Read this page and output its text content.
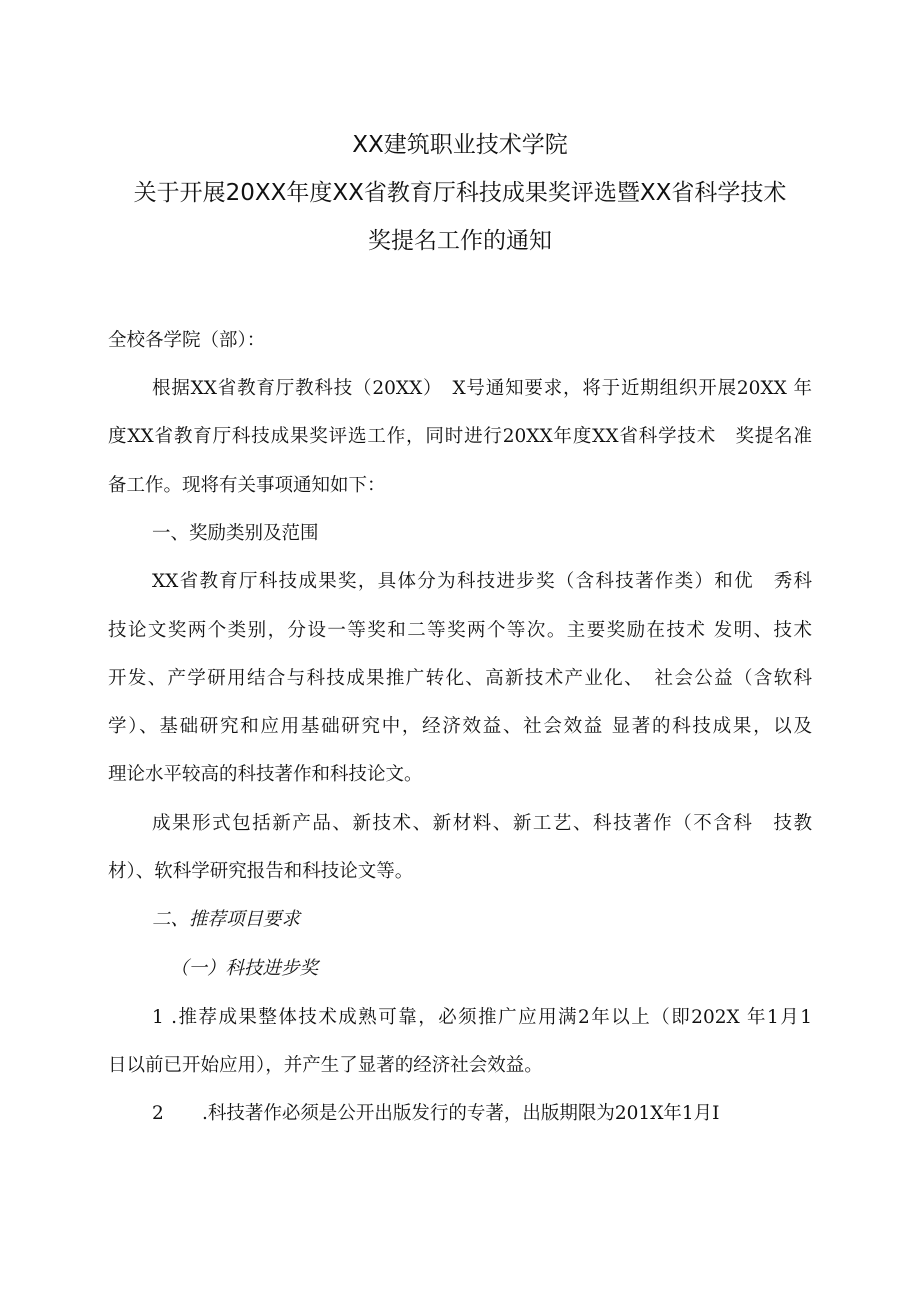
XX建筑职业技术学院
关于开展20XX年度XX省教育厅科技成果奖评选暨XX省科学技术
奖提名工作的通知
全校各学院（部）：
根据XX省教育厅教科技（20XX）　X号通知要求，将于近期组织开展20XX 年
度XX省教育厅科技成果奖评选工作，同时进行20XX年度XX省科学技术　奖提名准
备工作。现将有关事项通知如下：
一、奖励类别及范围
XX省教育厅科技成果奖，具体分为科技进步奖（含科技著作类）和优　秀科
技论文奖两个类别，分设一等奖和二等奖两个等次。主要奖励在技术 发明、技术
开发、产学研用结合与科技成果推广转化、高新技术产业化、　社会公益（含软科
学）、基础研究和应用基础研究中，经济效益、社会效益 显著的科技成果，以及
理论水平较高的科技著作和科技论文。
成果形式包括新产品、新技术、新材料、新工艺、科技著作（不含科　技教
材）、软科学研究报告和科技论文等。
二、推荐项目要求
（一）科技进步奖
1 .推荐成果整体技术成熟可靠，必须推广应用满2年以上（即202X 年1月1
日以前已开始应用），并产生了显著的经济社会效益。
2 .科技著作必须是公开出版发行的专著，出版期限为201X年1月I
